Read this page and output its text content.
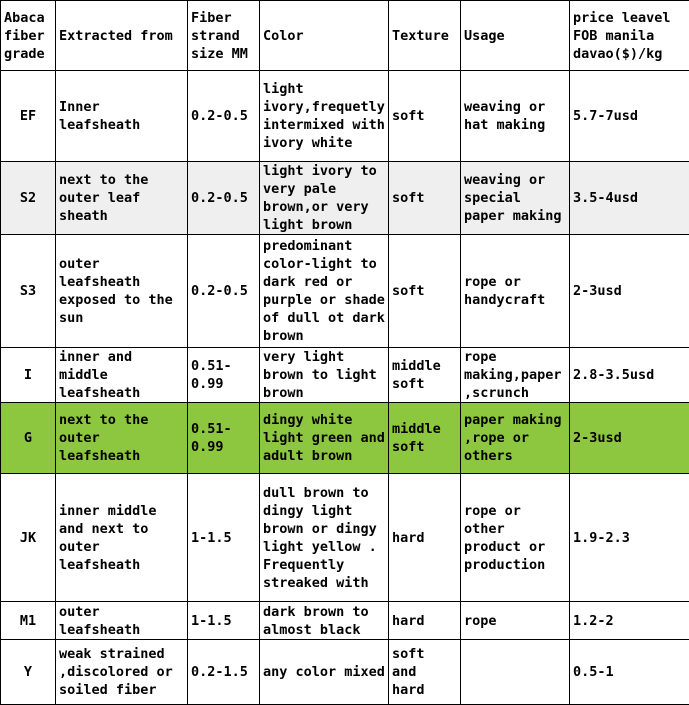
Abaca fiber grade	Extracted from	Fiber strand size MM	Color	Texture	Usage	price leavel FOB manila davao($)/kg
EF	Inner leafsheath	0.2-0.5	light ivory,frequetly intermixed with ivory white	soft	weaving or hat making	5.7-7usd
S2	next to the outer leaf sheath	0.2-0.5	light ivory to very pale brown,or very light brown	soft	weaving or special paper making	3.5-4usd
S3	outer leafsheath exposed to the sun	0.2-0.5	predominant color-light to dark red or purple or shade of dull ot dark brown	soft	rope or handycraft	2-3usd
I	inner and middle leafsheath	0.51-0.99	very light brown to light brown	middle soft	rope making,paper ,scrunch	2.8-3.5usd
G	next to the outer leafsheath	0.51-0.99	dingy white light green and adult brown	middle soft	paper making ,rope or others	2-3usd
JK	inner middle and next to outer leafsheath	1-1.5	dull brown to dingy light brown or dingy light yellow . Frequently streaked with	hard	rope or other product or production	1.9-2.3
M1	outer leafsheath	1-1.5	dark brown to almost black	hard	rope	1.2-2
Y	weak strained ,discolored or soiled fiber	0.2-1.5	any color mixed	soft and hard		0.5-1
